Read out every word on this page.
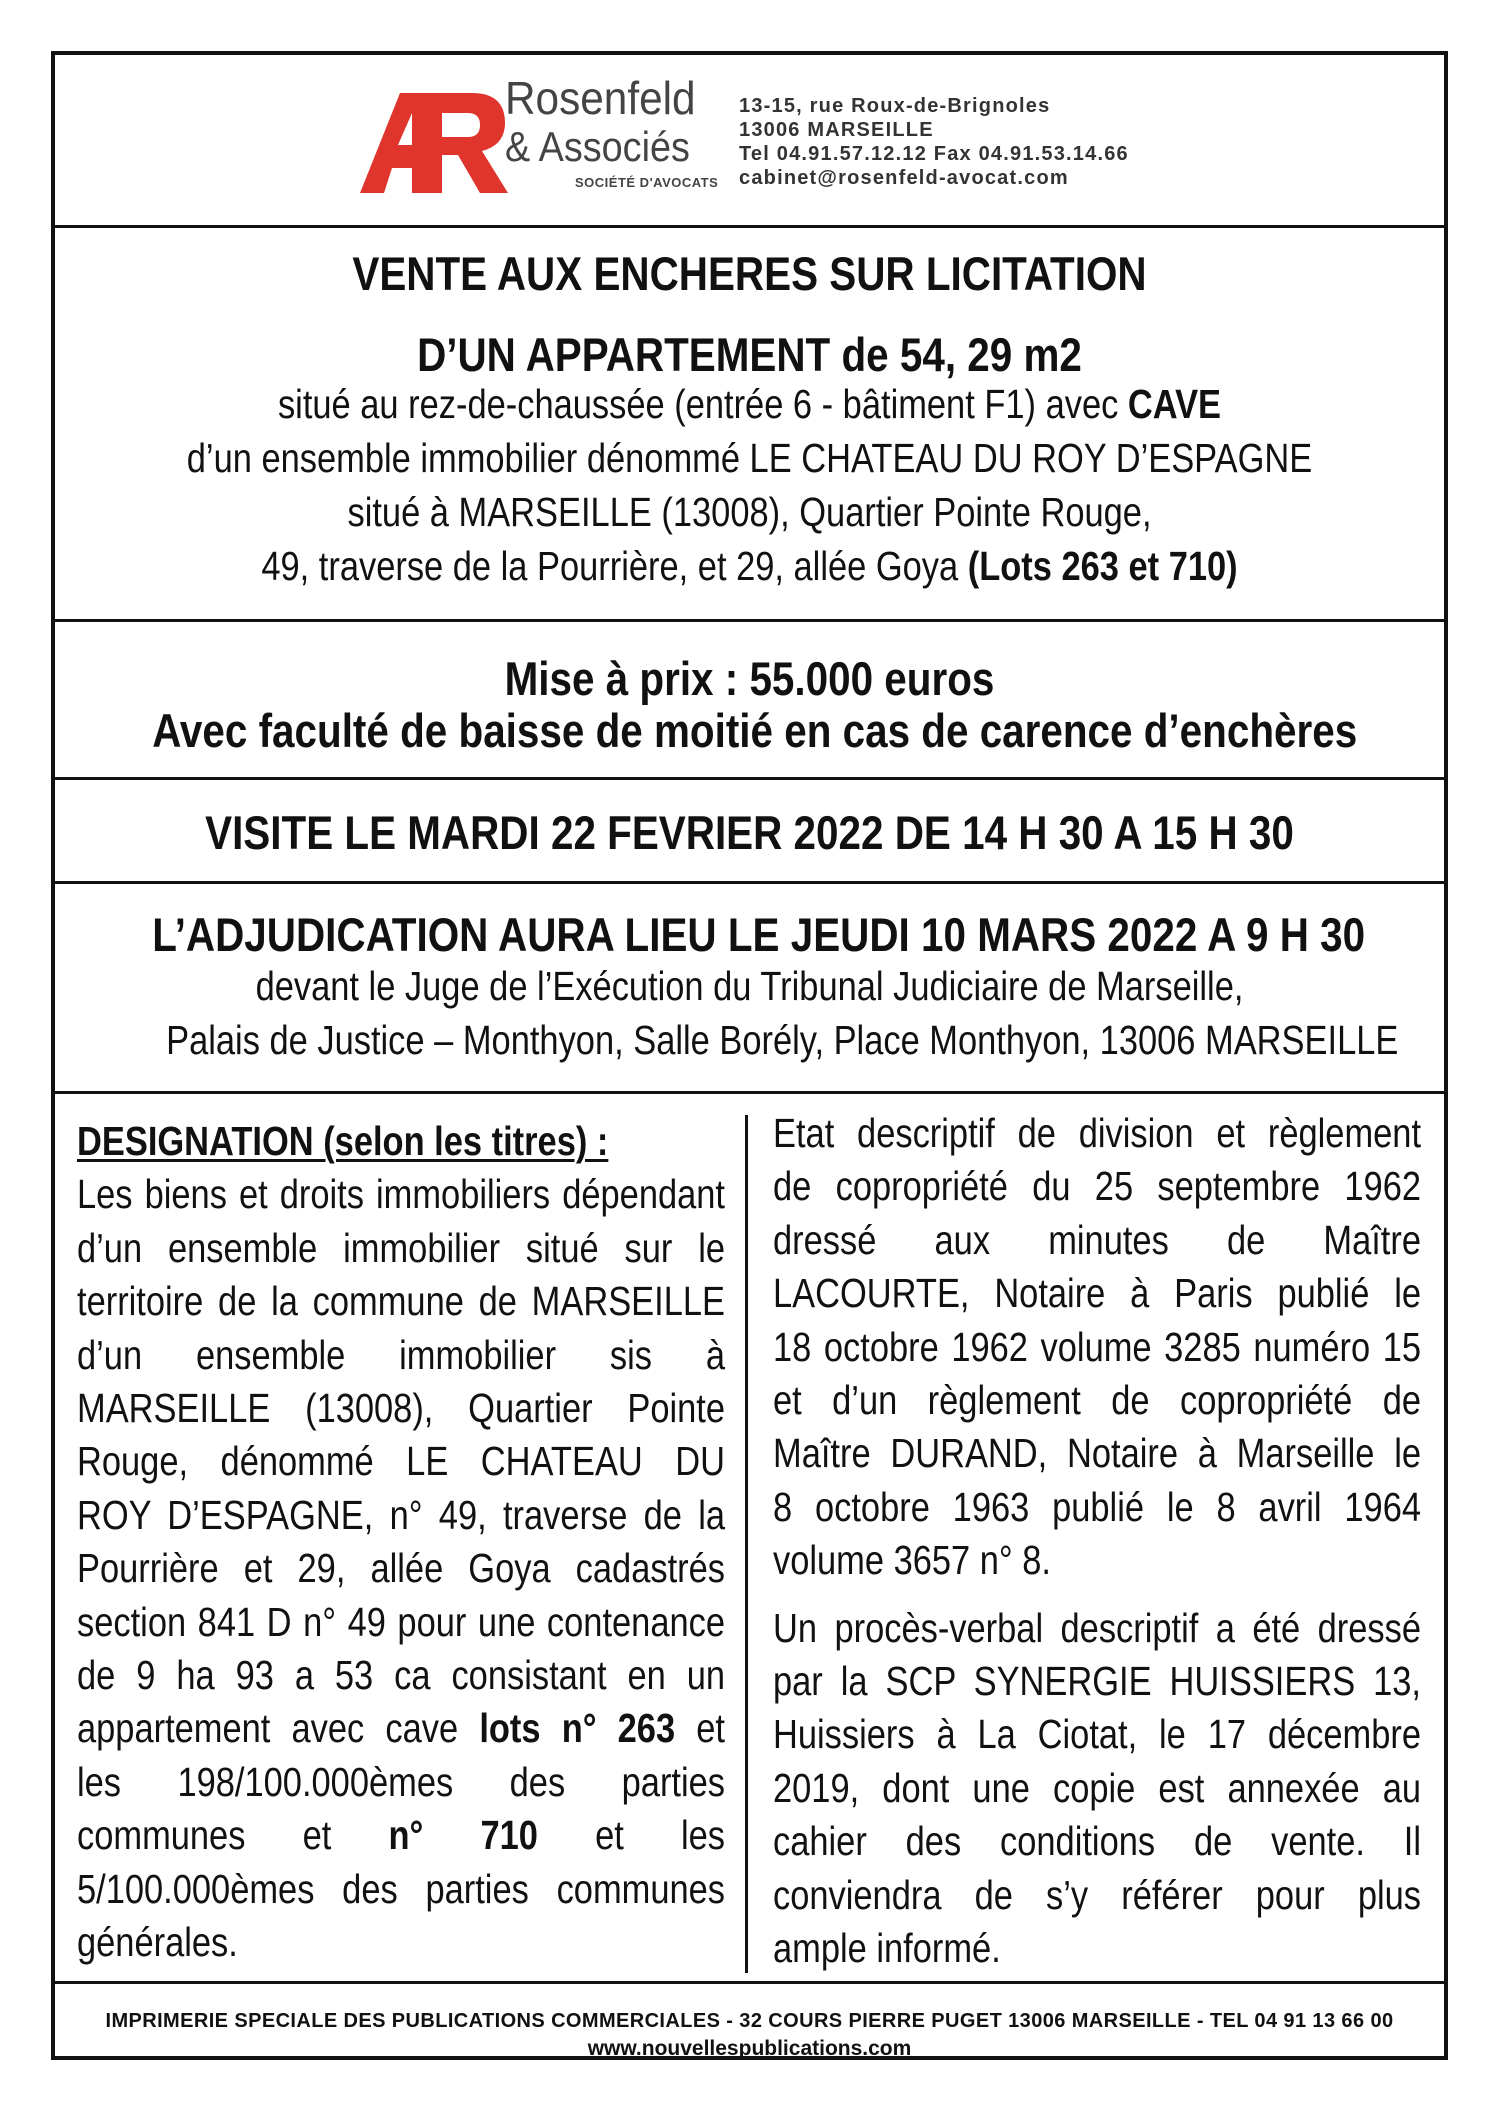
Rosenfeld
& Associés
SOCIÉTÉ D'AVOCATS
13-15, rue Roux-de-Brignoles
13006 MARSEILLE
Tel 04.91.57.12.12 Fax 04.91.53.14.66
cabinet@rosenfeld-avocat.com
VENTE AUX ENCHERES SUR LICITATION
D’UN APPARTEMENT de 54, 29 m2
situé au rez-de-chaussée (entrée 6 - bâtiment F1) avec CAVE
d’un ensemble immobilier dénommé LE CHATEAU DU ROY D’ESPAGNE
situé à MARSEILLE (13008), Quartier Pointe Rouge,
49, traverse de la Pourrière, et 29, allée Goya (Lots 263 et 710)
Mise à prix : 55.000 euros
Avec faculté de baisse de moitié en cas de carence d’enchères
VISITE LE MARDI 22 FEVRIER 2022 DE 14 H 30 A 15 H 30
L’ADJUDICATION AURA LIEU LE JEUDI 10 MARS 2022 A 9 H 30
devant le Juge de l’Exécution du Tribunal Judiciaire de Marseille,
Palais de Justice – Monthyon, Salle Borély, Place Monthyon, 13006 MARSEILLE
DESIGNATION (selon les titres) :
Les biens et droits immobiliers dépendant
d’un ensemble immobilier situé sur le
territoire de la commune de MARSEILLE
d’un ensemble immobilier sis à
MARSEILLE (13008), Quartier Pointe
Rouge, dénommé LE CHATEAU DU
ROY D’ESPAGNE, n° 49, traverse de la
Pourrière et 29, allée Goya cadastrés
section 841 D n° 49 pour une contenance
de 9 ha 93 a 53 ca consistant en un
appartement avec cave lots n° 263 et
les 198/100.000èmes des parties
communes et n° 710 et les
5/100.000èmes des parties communes
générales.
Etat descriptif de division et règlement
de copropriété du 25 septembre 1962
dressé aux minutes de Maître
LACOURTE, Notaire à Paris publié le
18 octobre 1962 volume 3285 numéro 15
et d’un règlement de copropriété de
Maître DURAND, Notaire à Marseille le
8 octobre 1963 publié le 8 avril 1964
volume 3657 n° 8.
Un procès-verbal descriptif a été dressé
par la SCP SYNERGIE HUISSIERS 13,
Huissiers à La Ciotat, le 17 décembre
2019, dont une copie est annexée au
cahier des conditions de vente. Il
conviendra de s’y référer pour plus
ample informé.
IMPRIMERIE SPECIALE DES PUBLICATIONS COMMERCIALES - 32 COURS PIERRE PUGET 13006 MARSEILLE - TEL 04 91 13 66 00
www.nouvellespublications.com
